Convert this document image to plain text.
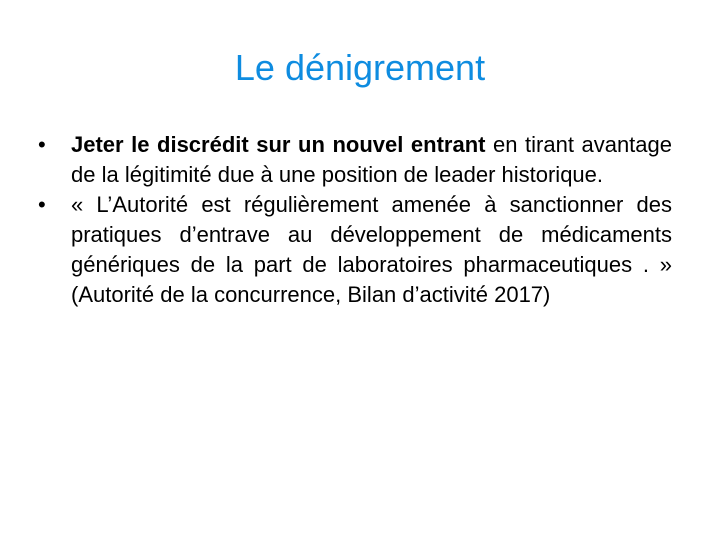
Le dénigrement
•	Jeter le discrédit sur un nouvel entrant en tirant avantage de la légitimité due à une position de leader historique.
•	« L’Autorité est régulièrement amenée à sanctionner des pratiques d’entrave au développement de médicaments génériques de la part de laboratoires pharmaceutiques . » (Autorité de la concurrence, Bilan d’activité 2017)
